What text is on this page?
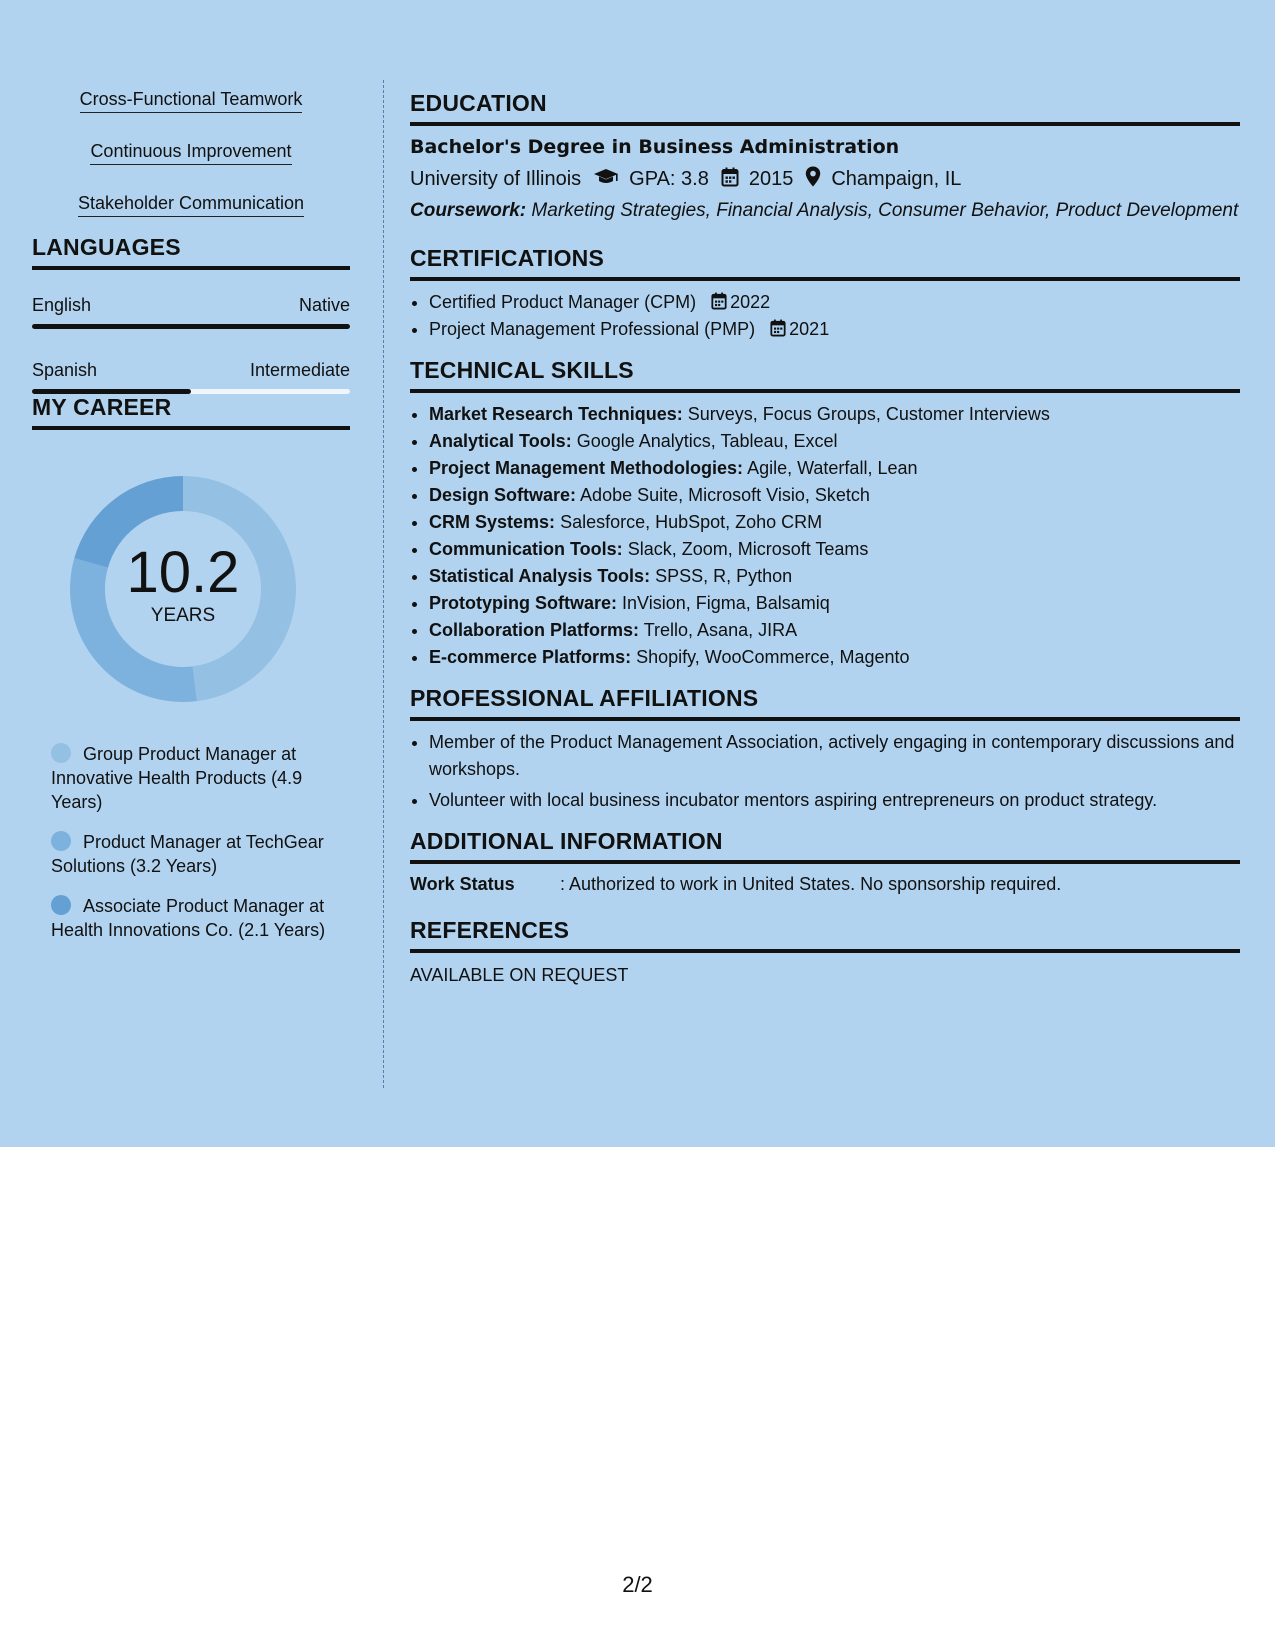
Cross-Functional Teamwork
Continuous Improvement
Stakeholder Communication
LANGUAGES
English	Native
Spanish	Intermediate
MY CAREER
10.2
YEARS
Group Product Manager at Innovative Health Products (4.9 Years)
Product Manager at TechGear Solutions (3.2 Years)
Associate Product Manager at Health Innovations Co. (2.1 Years)
EDUCATION
Bachelor's Degree in Business Administration
University of Illinois GPA: 3.8 2015 Champaign, IL
Coursework: Marketing Strategies, Financial Analysis, Consumer Behavior, Product Development
CERTIFICATIONS
• Certified Product Manager (CPM) 2022
• Project Management Professional (PMP) 2021
TECHNICAL SKILLS
• Market Research Techniques: Surveys, Focus Groups, Customer Interviews
• Analytical Tools: Google Analytics, Tableau, Excel
• Project Management Methodologies: Agile, Waterfall, Lean
• Design Software: Adobe Suite, Microsoft Visio, Sketch
• CRM Systems: Salesforce, HubSpot, Zoho CRM
• Communication Tools: Slack, Zoom, Microsoft Teams
• Statistical Analysis Tools: SPSS, R, Python
• Prototyping Software: InVision, Figma, Balsamiq
• Collaboration Platforms: Trello, Asana, JIRA
• E-commerce Platforms: Shopify, WooCommerce, Magento
PROFESSIONAL AFFILIATIONS
• Member of the Product Management Association, actively engaging in contemporary discussions and workshops.
• Volunteer with local business incubator mentors aspiring entrepreneurs on product strategy.
ADDITIONAL INFORMATION
Work Status	: Authorized to work in United States. No sponsorship required.
REFERENCES
AVAILABLE ON REQUEST
2/2
